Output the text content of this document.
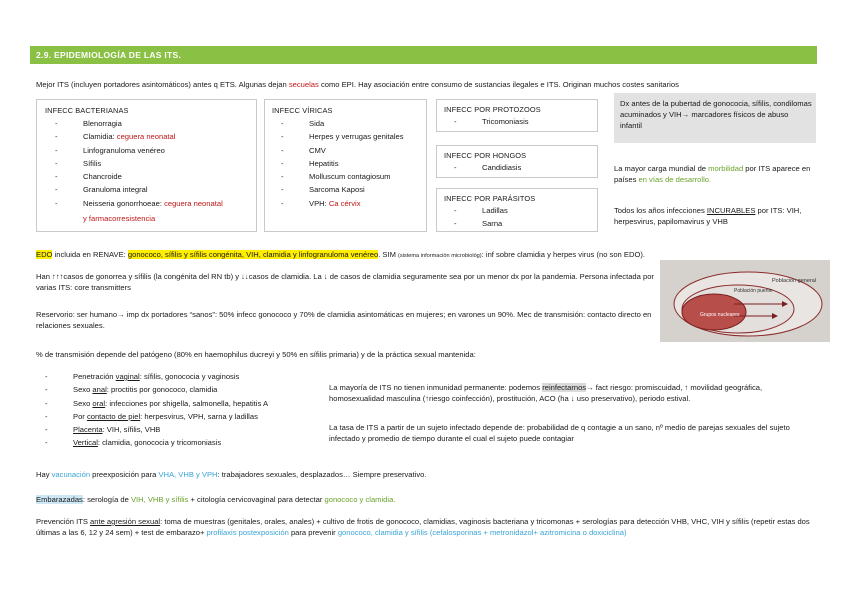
2.9. EPIDEMIOLOGÍA DE LAS ITS.
Mejor ITS (incluyen portadores asintomáticos) antes q ETS. Algunas dejan secuelas como EPI. Hay asociación entre consumo de sustancias ilegales e ITS. Originan muchos costes sanitarios
INFECC BACTERIANAS
- Blenorragia
- Clamidia: ceguera neonatal
- Linfogranuloma venéreo
- Sífilis
- Chancroide
- Granuloma integral
- Neisseria gonorrhoeae: ceguera neonatal
y farmacorresistencia
INFECC VÍRICAS
- Sida
- Herpes y verrugas genitales
- CMV
- Hepatitis
- Molluscum contagiosum
- Sarcoma Kaposi
- VPH: Ca cérvix
INFECC POR PROTOZOOS
- Tricomoniasis
INFECC POR HONGOS
- Candidiasis
INFECC POR PARÁSITOS
- Ladillas
- Sarna
Dx antes de la pubertad de gonococia, sífilis, condilomas acuminados y VIH→ marcadores físicos de abuso infantil
La mayor carga mundial de morbilidad por ITS aparece en países en vías de desarrollo.
Todos los años infecciones INCURABLES por ITS: VIH, herpesvirus, papilomavirus y VHB
EDO incluida en RENAVE: gonococo, sífilis y sífilis congénita, VIH, clamidia y linfogranuloma venéreo. SIM (sistema información microbiológ): inf sobre clamidia y herpes virus (no son EDO).
Han ↑↑↑casos de gonorrea y sífilis (la congénita del RN tb) y ↓↓casos de clamidia. La ↓ de casos de clamidia seguramente sea por un menor dx por la pandemia. Persona infectada por varias ITS: core transmitters
Población general
Población puente
Grupos nucleares
Reservorio: ser humano→ imp dx portadores “sanos”: 50% infecc gonococo y 70% de clamidia asintomáticas en mujeres; en varones un 90%. Mec de transmisión: contacto directo en relaciones sexuales.
% de transmisión depende del patógeno (80% en haemophilus ducreyi y 50% en sífilis primaria) y de la práctica sexual mantenida:
- Penetración vaginal: sífilis, gonococia y vaginosis
- Sexo anal: proctitis por gonococo, clamidia
- Sexo oral: infecciones por shigella, salmonella, hepatitis A
- Por contacto de piel: herpesvirus, VPH, sarna y ladillas
- Placenta: VIH, sífilis, VHB
- Vertical: clamidia, gonococia y tricomoniasis
La mayoría de ITS no tienen inmunidad permanente: podemos reinfectarnos→ fact riesgo: promiscuidad, ↑ movilidad geográfica, homosexualidad masculina (↑riesgo coinfección), prostitución, ACO (ha ↓ uso preservativo), periodo estival.
La tasa de ITS a partir de un sujeto infectado depende de: probabilidad de q contagie a un sano, nº medio de parejas sexuales del sujeto infectado y promedio de tiempo durante el cual el sujeto puede contagiar
Hay vacunación preexposición para VHA, VHB y VPH: trabajadores sexuales, desplazados… Siempre preservativo.
Embarazadas: serología de VIH, VHB y sífilis + citología cervicovaginal para detectar gonococo y clamidia.
Prevención ITS ante agresión sexual: toma de muestras (genitales, orales, anales) + cultivo de frotis de gonococo, clamidias, vaginosis bacteriana y tricomonas + serologías para detección VHB, VHC, VIH y sífilis (repetir estas dos últimas a las 6, 12 y 24 sem) + test de embarazo+ profilaxis postexposición para prevenir gonococo, clamidia y sífilis (cefalosporinas + metronidazol+ azitromicina o doxiciclina)
